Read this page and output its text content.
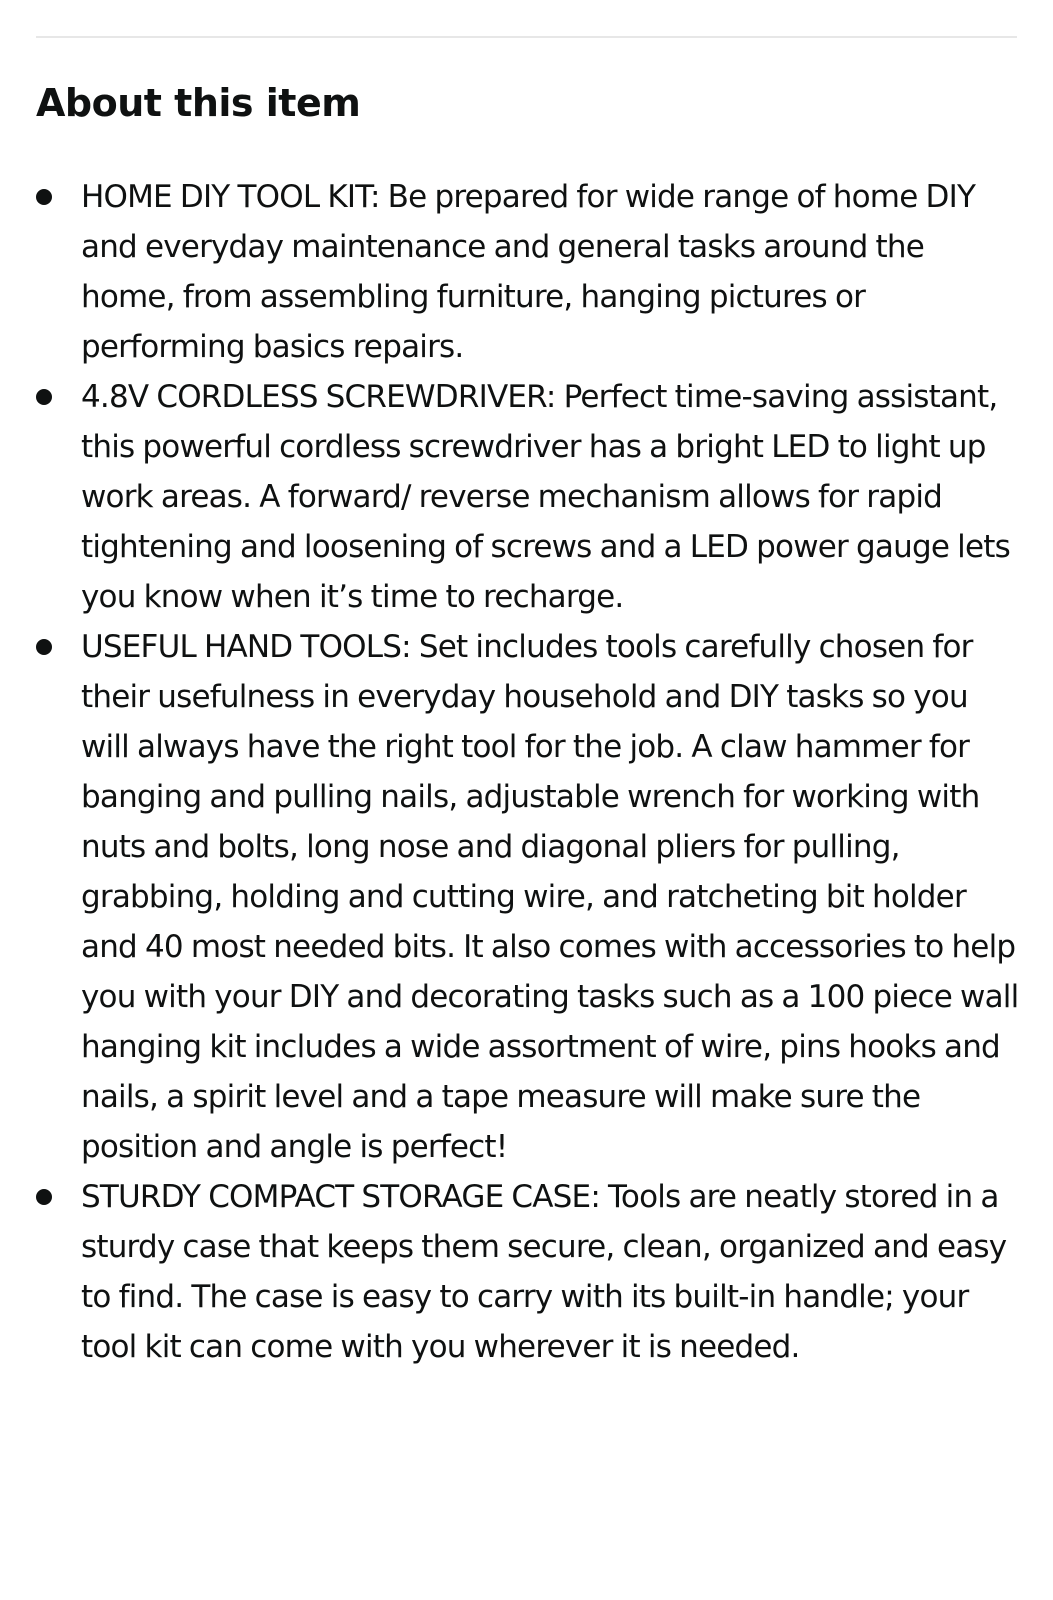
About this item
HOME DIY TOOL KIT: Be prepared for wide range of home DIY and everyday maintenance and general tasks around the home, from assembling furniture, hanging pictures or performing basics repairs.
4.8V CORDLESS SCREWDRIVER: Perfect time-saving assistant, this powerful cordless screwdriver has a bright LED to light up work areas. A forward/ reverse mechanism allows for rapid tightening and loosening of screws and a LED power gauge lets you know when it’s time to recharge.
USEFUL HAND TOOLS: Set includes tools carefully chosen for their usefulness in everyday household and DIY tasks so you will always have the right tool for the job. A claw hammer for banging and pulling nails, adjustable wrench for working with nuts and bolts, long nose and diagonal pliers for pulling, grabbing, holding and cutting wire, and ratcheting bit holder and 40 most needed bits. It also comes with accessories to help you with your DIY and decorating tasks such as a 100 piece wall hanging kit includes a wide assortment of wire, pins hooks and nails, a spirit level and a tape measure will make sure the position and angle is perfect!
STURDY COMPACT STORAGE CASE: Tools are neatly stored in a sturdy case that keeps them secure, clean, organized and easy to find. The case is easy to carry with its built-in handle; your tool kit can come with you wherever it is needed.
